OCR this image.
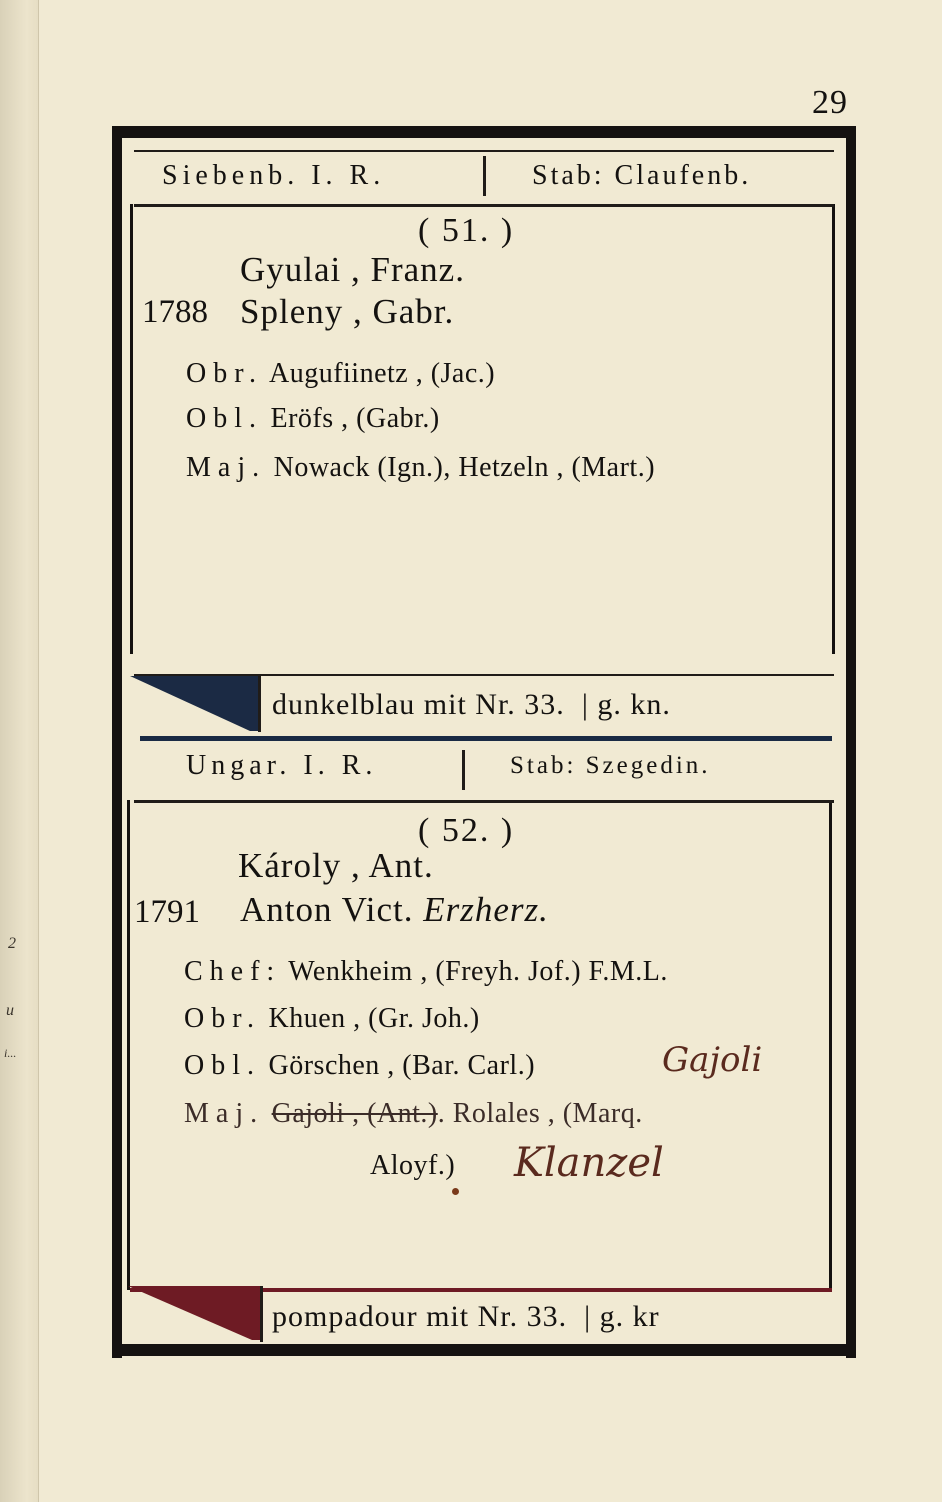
2
u
i...
29
Siebenb. I. R.	Stab: Claufenb.
( 51. )
Gyulai , Franz.
1788 Spleny , Gabr.
Obr. Augufiinetz , (Jac.)
Obl. Eröfs , (Gabr.)
Maj. Nowack (Ign.), Hetzeln , (Mart.)
dunkelblau mit Nr. 33.  | g. kn.
Ungar. I. R.	Stab: Szegedin.
( 52. )
Károly , Ant.
1791 Anton Vict. Erzherz.
Chef: Wenkheim , (Freyh. Jof.) F.M.L.
Obr. Khuen , (Gr. Joh.)
Obl. Görschen , (Bar. Carl.)	Gajoli
Maj. Gajoli , (Ant.). Rolales , (Marq.
Aloyf.) Klanzel
pompadour mit Nr. 33.  | g. kr
